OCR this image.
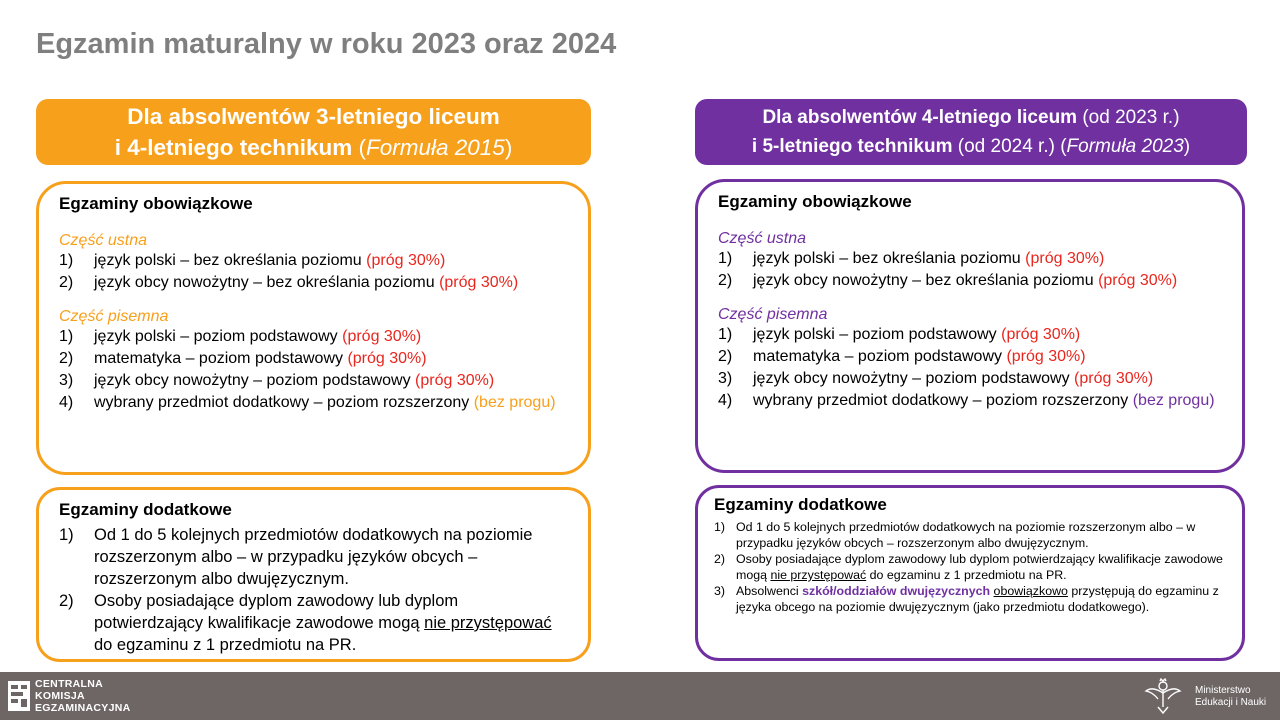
Egzamin maturalny w roku 2023 oraz 2024
Dla absolwentów 3-letniego liceum
i 4-letniego technikum (Formuła 2015)
Dla absolwentów 4-letniego liceum (od 2023 r.)
i 5-letniego technikum (od 2024 r.) (Formuła 2023)
Egzaminy obowiązkowe
Część ustna
1) język polski – bez określania poziomu (próg 30%)
2) język obcy nowożytny – bez określania poziomu (próg 30%)
Część pisemna
1) język polski – poziom podstawowy (próg 30%)
2) matematyka – poziom podstawowy (próg 30%)
3) język obcy nowożytny – poziom podstawowy (próg 30%)
4) wybrany przedmiot dodatkowy – poziom rozszerzony (bez progu)
Egzaminy dodatkowe
1) Od 1 do 5 kolejnych przedmiotów dodatkowych na poziomie rozszerzonym albo – w przypadku języków obcych – rozszerzonym albo dwujęzycznym.
2) Osoby posiadające dyplom zawodowy lub dyplom potwierdzający kwalifikacje zawodowe mogą nie przystępować do egzaminu z 1 przedmiotu na PR.
Egzaminy obowiązkowe
Część ustna
1) język polski – bez określania poziomu (próg 30%)
2) język obcy nowożytny – bez określania poziomu (próg 30%)
Część pisemna
1) język polski – poziom podstawowy (próg 30%)
2) matematyka – poziom podstawowy (próg 30%)
3) język obcy nowożytny – poziom podstawowy (próg 30%)
4) wybrany przedmiot dodatkowy – poziom rozszerzony (bez progu)
Egzaminy dodatkowe
1) Od 1 do 5 kolejnych przedmiotów dodatkowych na poziomie rozszerzonym albo – w przypadku języków obcych – rozszerzonym albo dwujęzycznym.
2) Osoby posiadające dyplom zawodowy lub dyplom potwierdzający kwalifikacje zawodowe mogą nie przystępować do egzaminu z 1 przedmiotu na PR.
3) Absolwenci szkół/oddziałów dwujęzycznych obowiązkowo przystępują do egzaminu z języka obcego na poziomie dwujęzycznym (jako przedmiotu dodatkowego).
CENTRALNA
KOMISJA
EGZAMINACYJNA
Ministerstwo
Edukacji i Nauki
